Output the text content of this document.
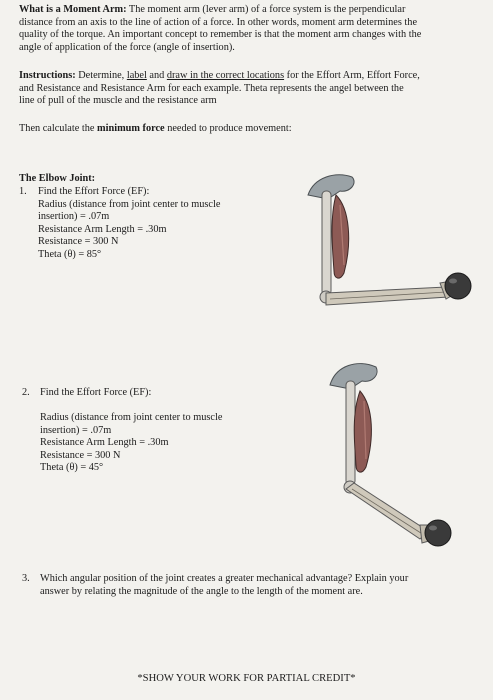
What is a Moment Arm: The moment arm (lever arm) of a force system is the perpendicular
distance from an axis to the line of action of a force. In other words, moment arm determines the
quality of the torque. An important concept to remember is that the moment arm changes with the
angle of application of the force (angle of insertion).
Instructions: Determine, label and draw in the correct locations for the Effort Arm, Effort Force,
and Resistance and Resistance Arm for each example. Theta represents the angel between the
line of pull of the muscle and the resistance arm
Then calculate the minimum force needed to produce movement:
The Elbow Joint:
1. Find the Effort Force (EF):
Radius (distance from joint center to muscle
insertion) = .07m
Resistance Arm Length = .30m
Resistance = 300 N
Theta (θ) = 85°
2. Find the Effort Force (EF):
Radius (distance from joint center to muscle
insertion) = .07m
Resistance Arm Length = .30m
Resistance = 300 N
Theta (θ) = 45°
3. Which angular position of the joint creates a greater mechanical advantage? Explain your
answer by relating the magnitude of the angle to the length of the moment are.
*SHOW YOUR WORK FOR PARTIAL CREDIT*
